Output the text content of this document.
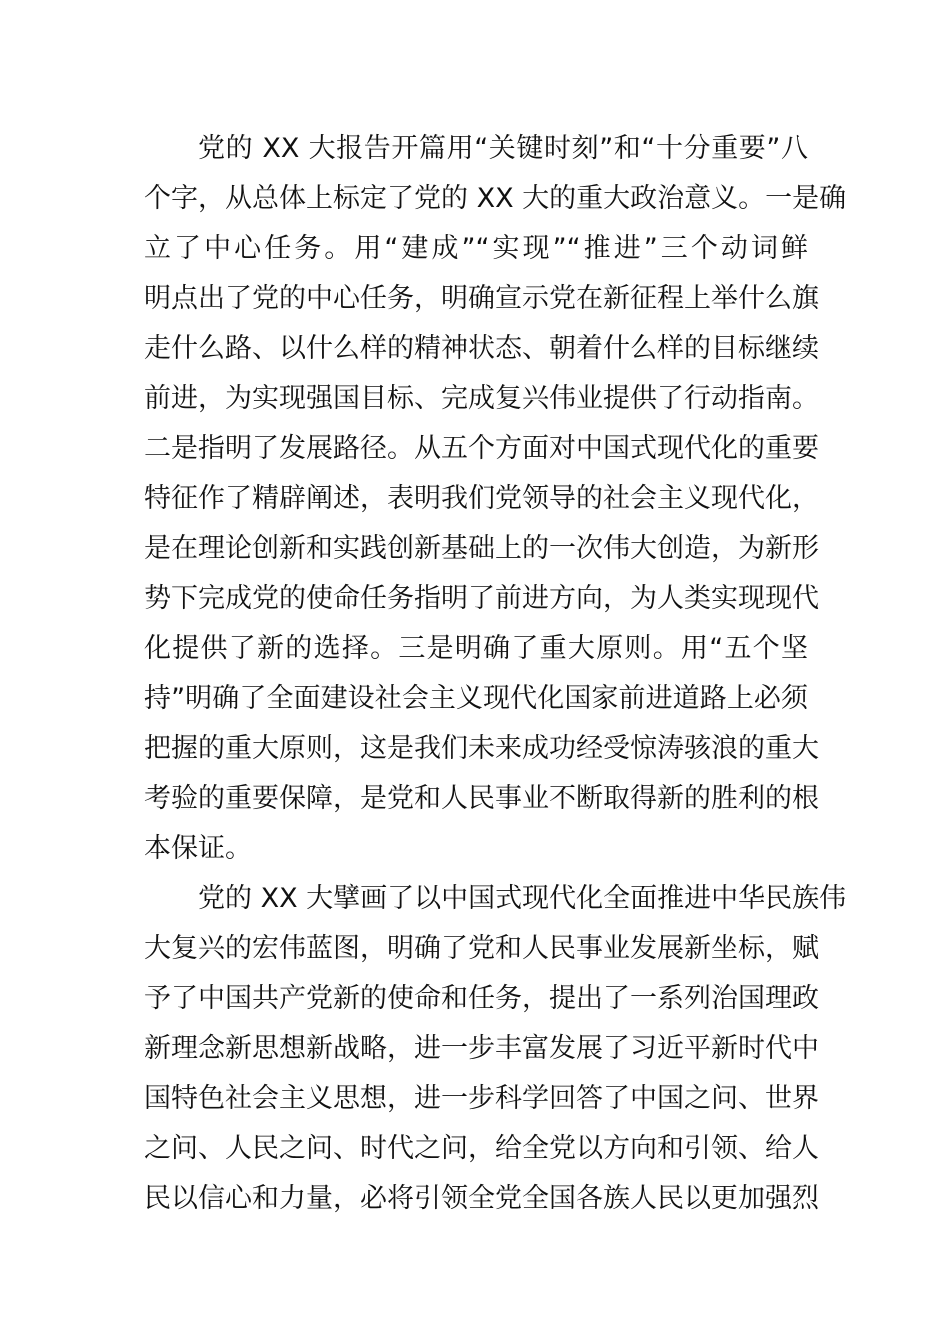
党的 XX 大报告开篇用“关键时刻”和“十分重要”八
个字，从总体上标定了党的 XX 大的重大政治意义。一是确
立了中心任务。用“建成”“实现”“推进”三个动词鲜
明点出了党的中心任务，明确宣示党在新征程上举什么旗
走什么路、以什么样的精神状态、朝着什么样的目标继续
前进，为实现强国目标、完成复兴伟业提供了行动指南。
二是指明了发展路径。从五个方面对中国式现代化的重要
特征作了精辟阐述，表明我们党领导的社会主义现代化，
是在理论创新和实践创新基础上的一次伟大创造，为新形
势下完成党的使命任务指明了前进方向，为人类实现现代
化提供了新的选择。三是明确了重大原则。用“五个坚
持”明确了全面建设社会主义现代化国家前进道路上必须
把握的重大原则，这是我们未来成功经受惊涛骇浪的重大
考验的重要保障，是党和人民事业不断取得新的胜利的根
本保证。
党的 XX 大擘画了以中国式现代化全面推进中华民族伟
大复兴的宏伟蓝图，明确了党和人民事业发展新坐标，赋
予了中国共产党新的使命和任务，提出了一系列治国理政
新理念新思想新战略，进一步丰富发展了习近平新时代中
国特色社会主义思想，进一步科学回答了中国之问、世界
之问、人民之问、时代之问，给全党以方向和引领、给人
民以信心和力量，必将引领全党全国各族人民以更加强烈
